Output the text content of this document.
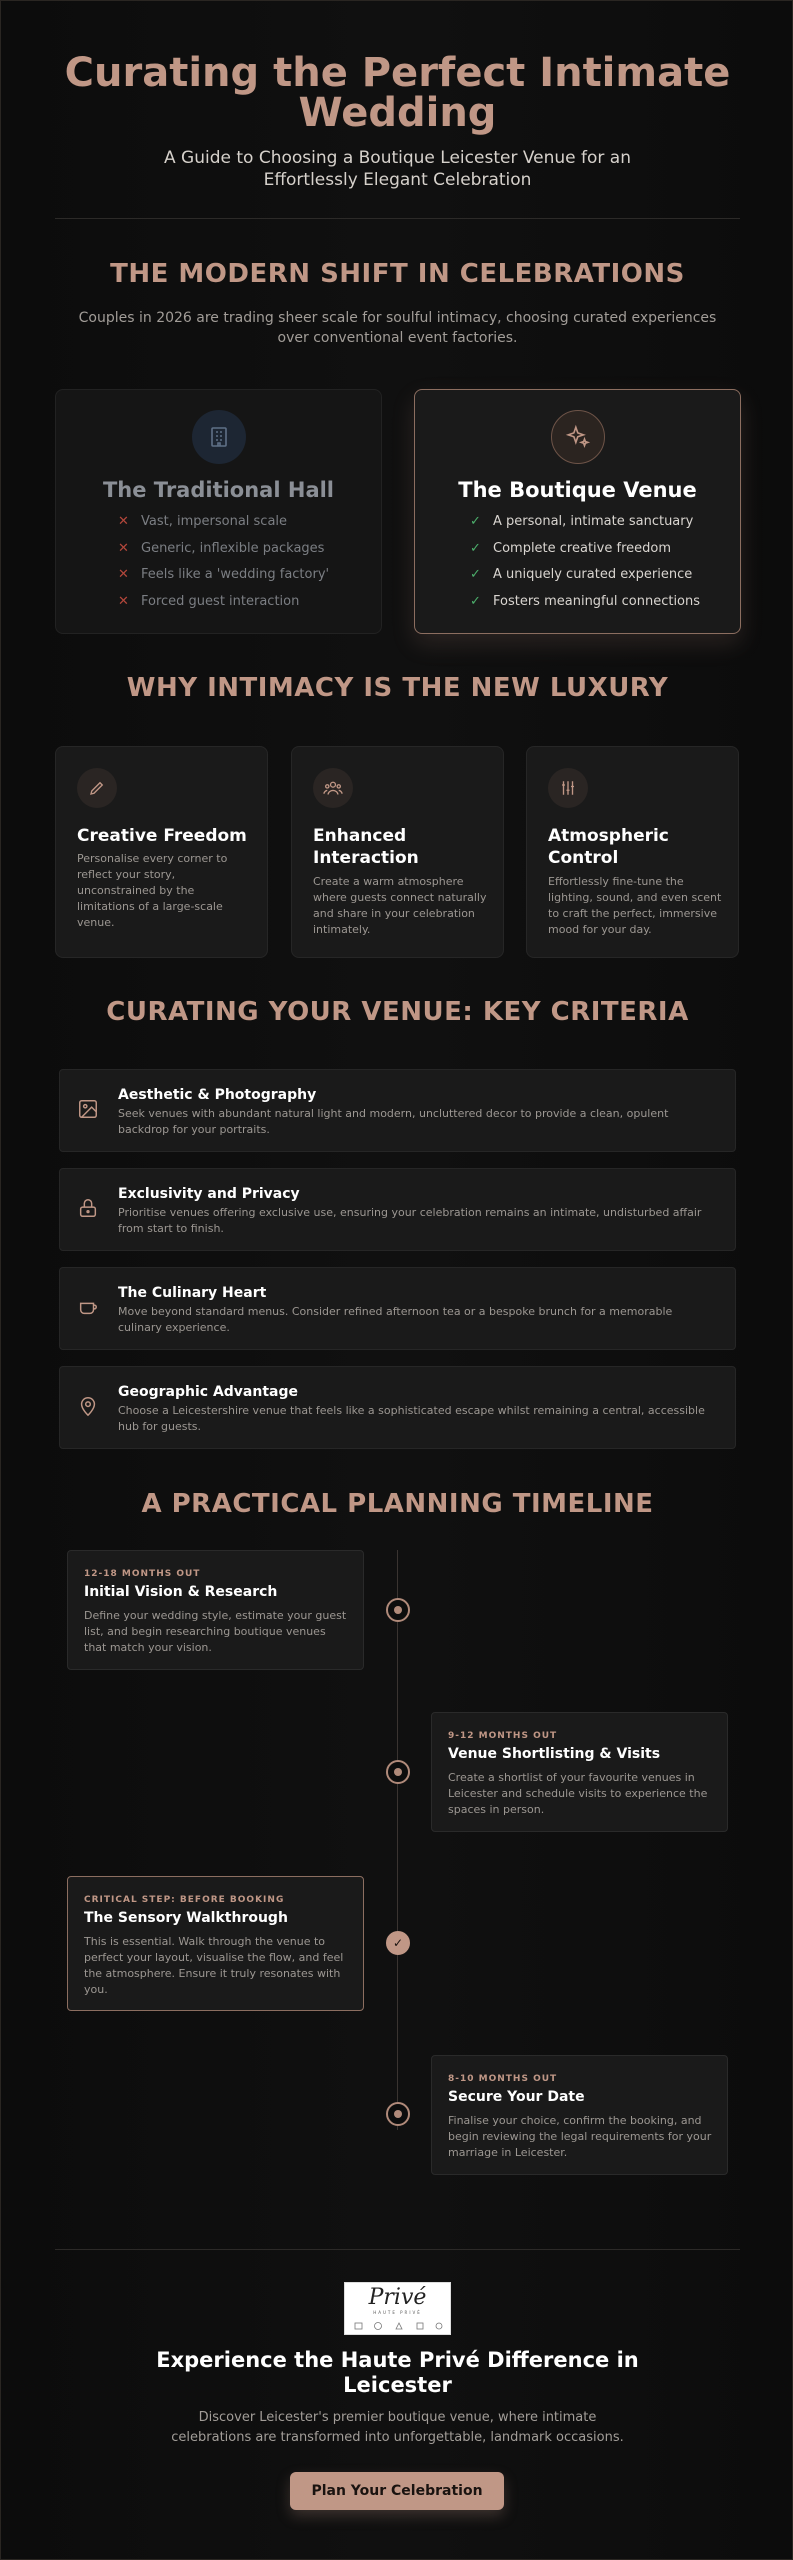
Curating the Perfect Intimate Wedding

A Guide to Choosing a Boutique Leicester Venue for an Effortlessly Elegant Celebration

THE MODERN SHIFT IN CELEBRATIONS
Couples in 2026 are trading sheer scale for soulful intimacy, choosing curated experiences over conventional event factories.
The Traditional Hall
✕ Vast, impersonal scale
✕ Generic, inflexible packages
✕ Feels like a 'wedding factory'
✕ Forced guest interaction
The Boutique Venue
✓ A personal, intimate sanctuary
✓ Complete creative freedom
✓ A uniquely curated experience
✓ Fosters meaningful connections
WHY INTIMACY IS THE NEW LUXURY
Creative Freedom
Personalise every corner to reflect your story, unconstrained by the limitations of a large-scale venue.
Enhanced Interaction
Create a warm atmosphere where guests connect naturally and share in your celebration intimately.
Atmospheric Control
Effortlessly fine-tune the lighting, sound, and even scent to craft the perfect, immersive mood for your day.
CURATING YOUR VENUE: KEY CRITERIA
Aesthetic & Photography
Seek venues with abundant natural light and modern, uncluttered decor to provide a clean, opulent backdrop for your portraits.
Exclusivity and Privacy
Prioritise venues offering exclusive use, ensuring your celebration remains an intimate, undisturbed affair from start to finish.
The Culinary Heart
Move beyond standard menus. Consider refined afternoon tea or a bespoke brunch for a memorable culinary experience.
Geographic Advantage
Choose a Leicestershire venue that feels like a sophisticated escape whilst remaining a central, accessible hub for guests.
A PRACTICAL PLANNING TIMELINE
✓
12-18 MONTHS OUT
Initial Vision & Research
Define your wedding style, estimate your guest list, and begin researching boutique venues that match your vision.
9-12 MONTHS OUT
Venue Shortlisting & Visits
Create a shortlist of your favourite venues in Leicester and schedule visits to experience the spaces in person.
CRITICAL STEP: BEFORE BOOKING
The Sensory Walkthrough
This is essential. Walk through the venue to perfect your layout, visualise the flow, and feel the atmosphere. Ensure it truly resonates with you.
8-10 MONTHS OUT
Secure Your Date
Finalise your choice, confirm the booking, and begin reviewing the legal requirements for your marriage in Leicester.
Privé
HAUTE PRIVÉ
Experience the Haute Privé Difference in Leicester
Discover Leicester's premier boutique venue, where intimate celebrations are transformed into unforgettable, landmark occasions.
Plan Your Celebration
